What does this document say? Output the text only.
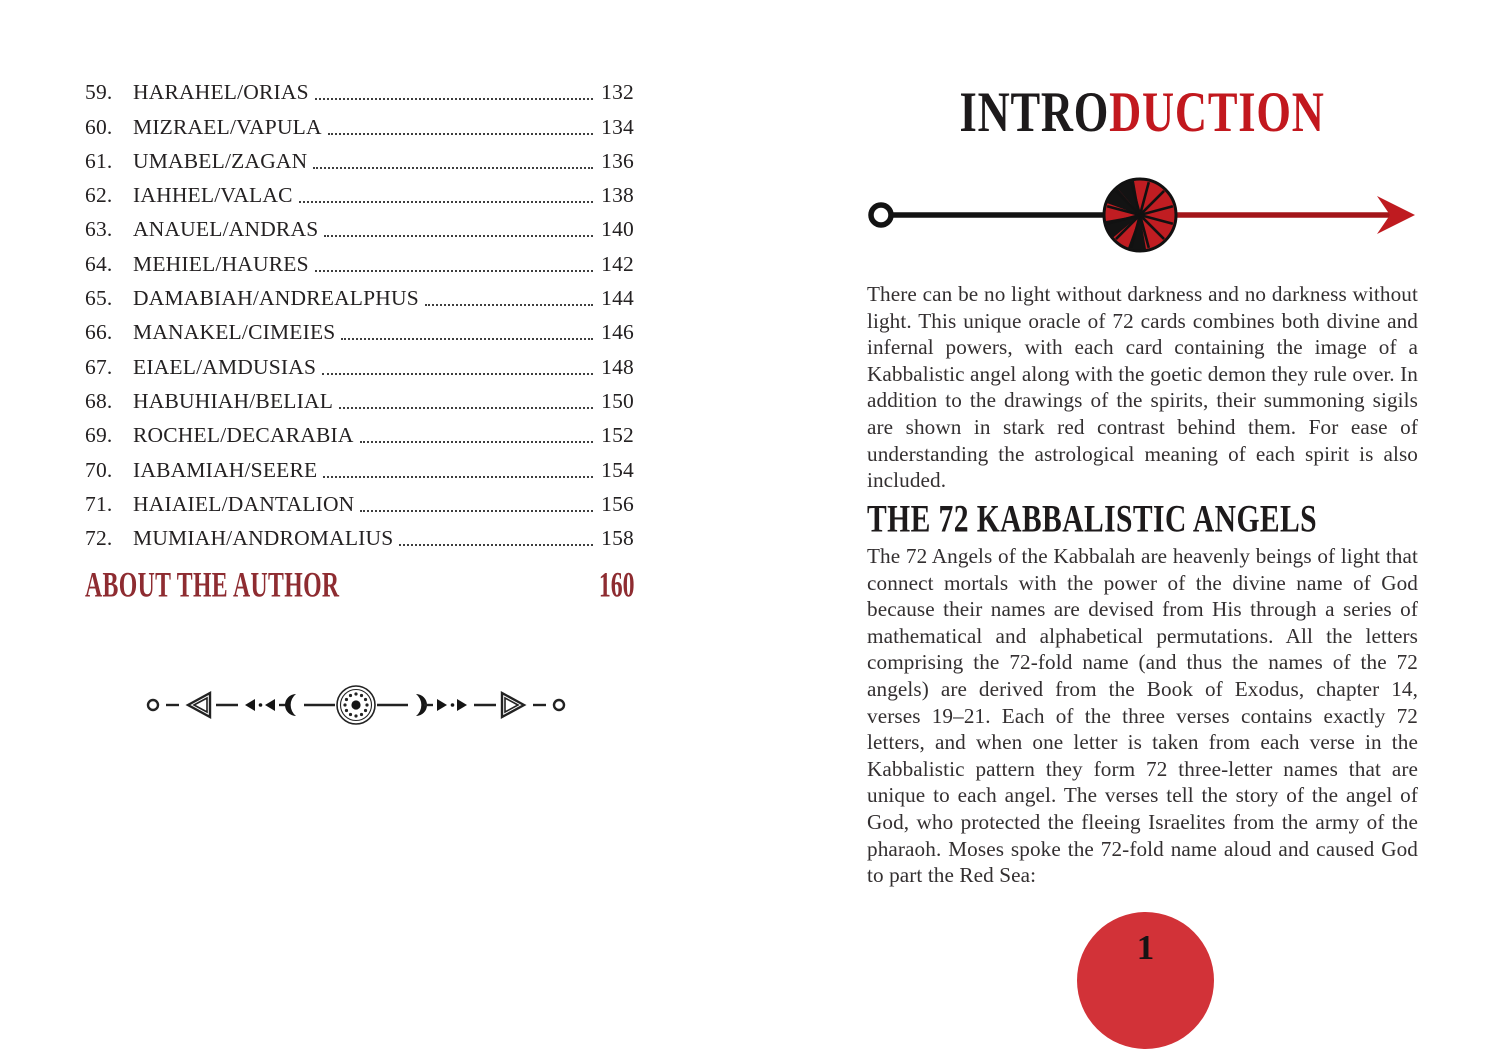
59. HARAHEL/ORIAS	132
60. MIZRAEL/VAPULA	134
61. UMABEL/ZAGAN	136
62. IAHHEL/VALAC	138
63. ANAUEL/ANDRAS	140
64. MEHIEL/HAURES	142
65. DAMABIAH/ANDREALPHUS	144
66. MANAKEL/CIMEIES	146
67. EIAEL/AMDUSIAS	148
68. HABUHIAH/BELIAL	150
69. ROCHEL/DECARABIA	152
70. IABAMIAH/SEERE	154
71. HAIAIEL/DANTALION	156
72. MUMIAH/ANDROMALIUS	158
ABOUT THE AUTHOR	160
INTRODUCTION

There can be no light without darkness and no darkness without light. This unique oracle of 72 cards combines both divine and infernal powers, with each card containing the image of a Kabbalistic angel along with the goetic demon they rule over. In addition to the drawings of the spirits, their summoning sigils are shown in stark red contrast behind them. For ease of understanding the astrological meaning of each spirit is also included.

THE 72 KABBALISTIC ANGELS

The 72 Angels of the Kabbalah are heavenly beings of light that connect mortals with the power of the divine name of God because their names are devised from His through a series of mathematical and alphabetical permutations. All the letters comprising the 72-fold name (and thus the names of the 72 angels) are derived from the Book of Exodus, chapter 14, verses 19–21. Each of the three verses contains exactly 72 letters, and when one letter is taken from each verse in the Kabbalistic pattern they form 72 three-letter names that are unique to each angel. The verses tell the story of the angel of God, who protected the fleeing Israelites from the army of the pharaoh. Moses spoke the 72-fold name aloud and caused God to part the Red Sea:

1
